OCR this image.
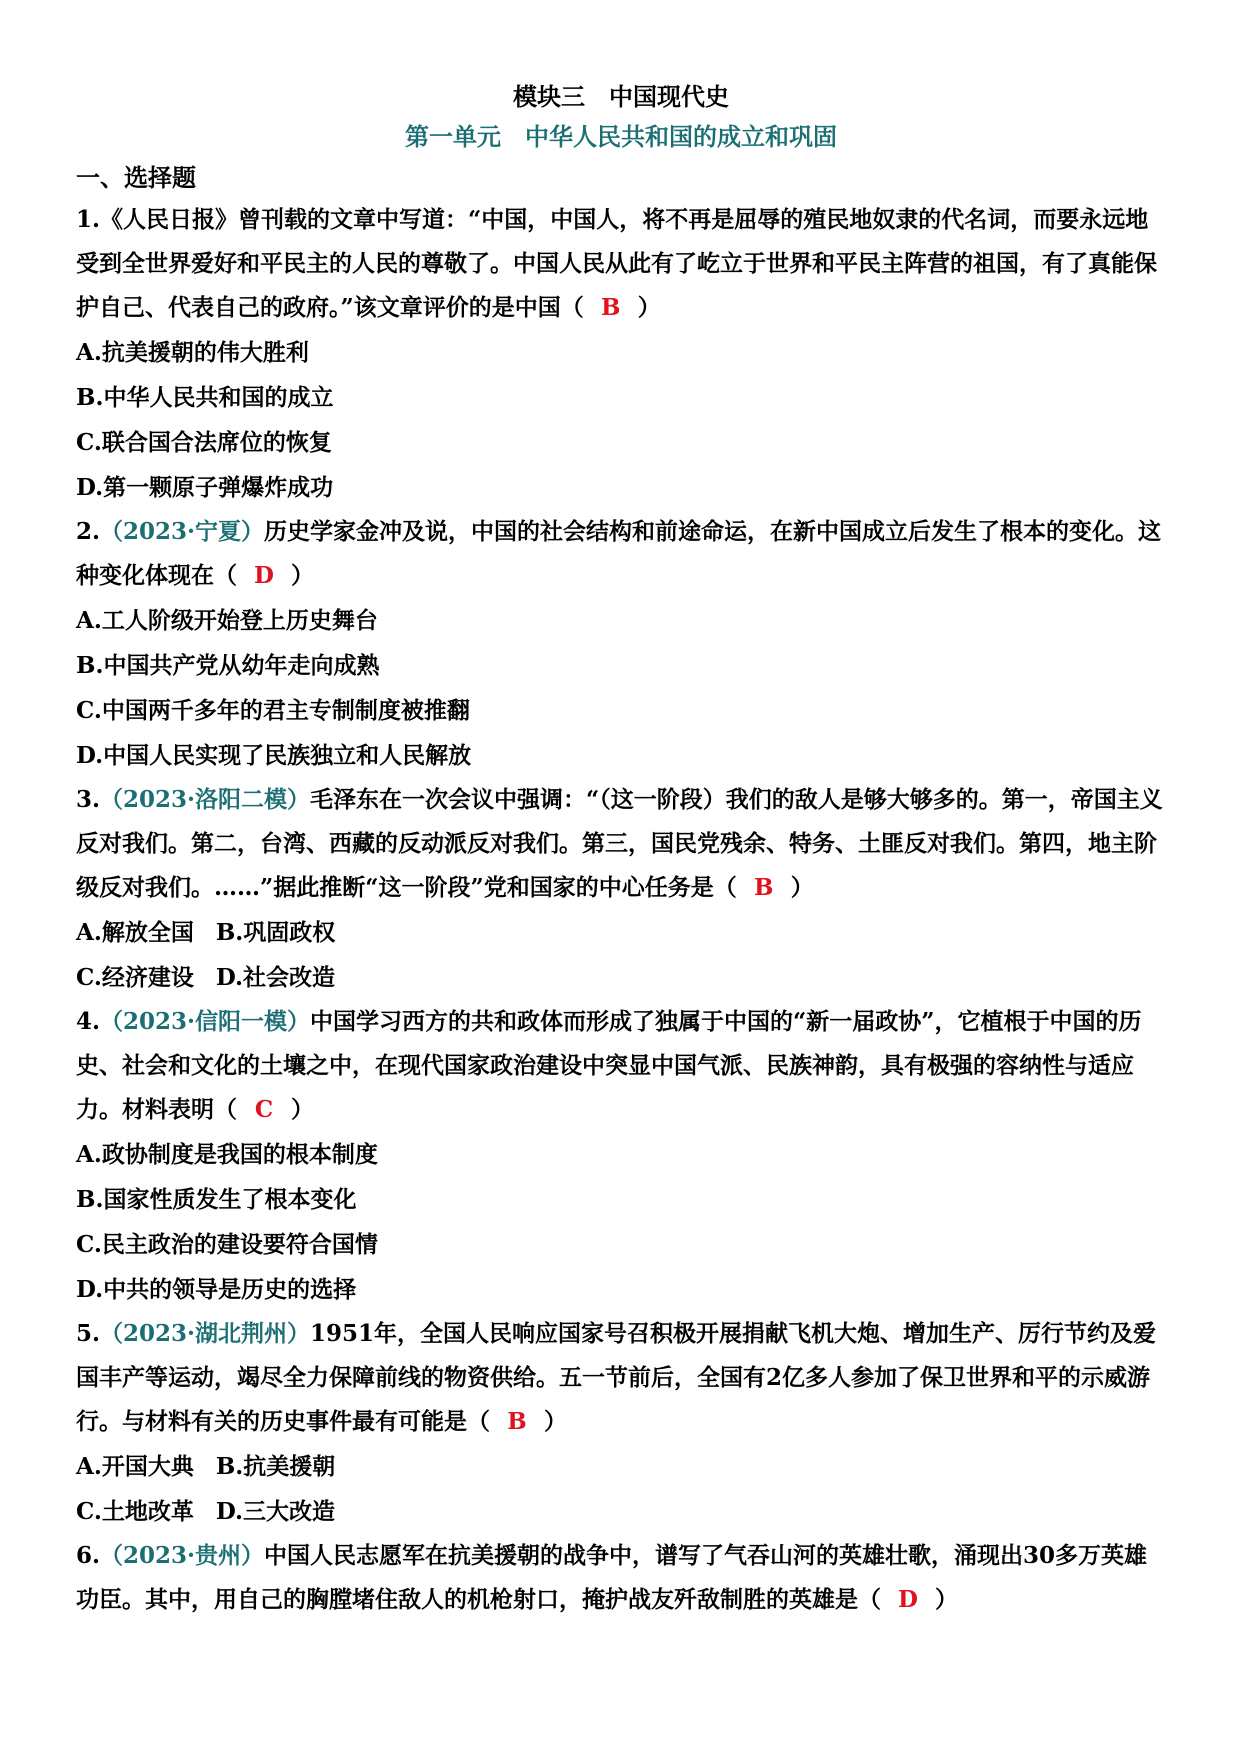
模块三　中国现代史
第一单元　中华人民共和国的成立和巩固
一、选择题

1.《人民日报》曾刊载的文章中写道：“中国，中国人，将不再是屈辱的殖民地奴隶的代名词，而要永远地受到全世界爱好和平民主的人民的尊敬了。中国人民从此有了屹立于世界和平民主阵营的祖国，有了真能保护自己、代表自己的政府。”该文章评价的是中国（ B ）

A.抗美援朝的伟大胜利

B.中华人民共和国的成立

C.联合国合法席位的恢复

D.第一颗原子弹爆炸成功

2.（2023·宁夏）历史学家金冲及说，中国的社会结构和前途命运，在新中国成立后发生了根本的变化。这种变化体现在（ D ）

A.工人阶级开始登上历史舞台

B.中国共产党从幼年走向成熟

C.中国两千多年的君主专制制度被推翻

D.中国人民实现了民族独立和人民解放

3.（2023·洛阳二模）毛泽东在一次会议中强调：“（这一阶段）我们的敌人是够大够多的。第一，帝国主义反对我们。第二，台湾、西藏的反动派反对我们。第三，国民党残余、特务、土匪反对我们。第四，地主阶级反对我们。……”据此推断“这一阶段”党和国家的中心任务是（ B ）

A.解放全国 B.巩固政权

C.经济建设 D.社会改造

4.（2023·信阳一模）中国学习西方的共和政体而形成了独属于中国的“新一届政协”，它植根于中国的历史、社会和文化的土壤之中，在现代国家政治建设中突显中国气派、民族神韵，具有极强的容纳性与适应力。材料表明（ C ）

A.政协制度是我国的根本制度

B.国家性质发生了根本变化

C.民主政治的建设要符合国情

D.中共的领导是历史的选择

5.（2023·湖北荆州）1951年，全国人民响应国家号召积极开展捐献飞机大炮、增加生产、厉行节约及爱国丰产等运动，竭尽全力保障前线的物资供给。五一节前后，全国有2亿多人参加了保卫世界和平的示威游行。与材料有关的历史事件最有可能是（ B ）

A.开国大典 B.抗美援朝

C.土地改革 D.三大改造

6.（2023·贵州）中国人民志愿军在抗美援朝的战争中，谱写了气吞山河的英雄壮歌，涌现出30多万英雄功臣。其中，用自己的胸膛堵住敌人的机枪射口，掩护战友歼敌制胜的英雄是（ D ）
